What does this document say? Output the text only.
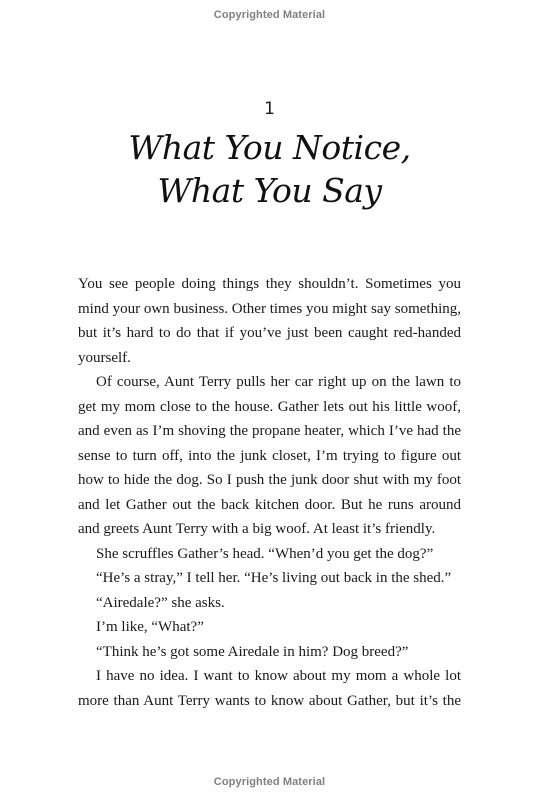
Copyrighted Material
1
What You Notice,
What You Say

You see people doing things they shouldn’t. Sometimes you mind your own business. Other times you might say something, but it’s hard to do that if you’ve just been caught red-handed yourself.

Of course, Aunt Terry pulls her car right up on the lawn to get my mom close to the house. Gather lets out his little woof, and even as I’m shoving the propane heater, which I’ve had the sense to turn off, into the junk closet, I’m trying to figure out how to hide the dog. So I push the junk door shut with my foot and let Gather out the back kitchen door. But he runs around and greets Aunt Terry with a big woof. At least it’s friendly.

She scruffles Gather’s head. “When’d you get the dog?”

“He’s a stray,” I tell her. “He’s living out back in the shed.”

“Airedale?” she asks.

I’m like, “What?”

“Think he’s got some Airedale in him? Dog breed?”

I have no idea. I want to know about my mom a whole lot more than Aunt Terry wants to know about Gather, but it’s the

Copyrighted Material
